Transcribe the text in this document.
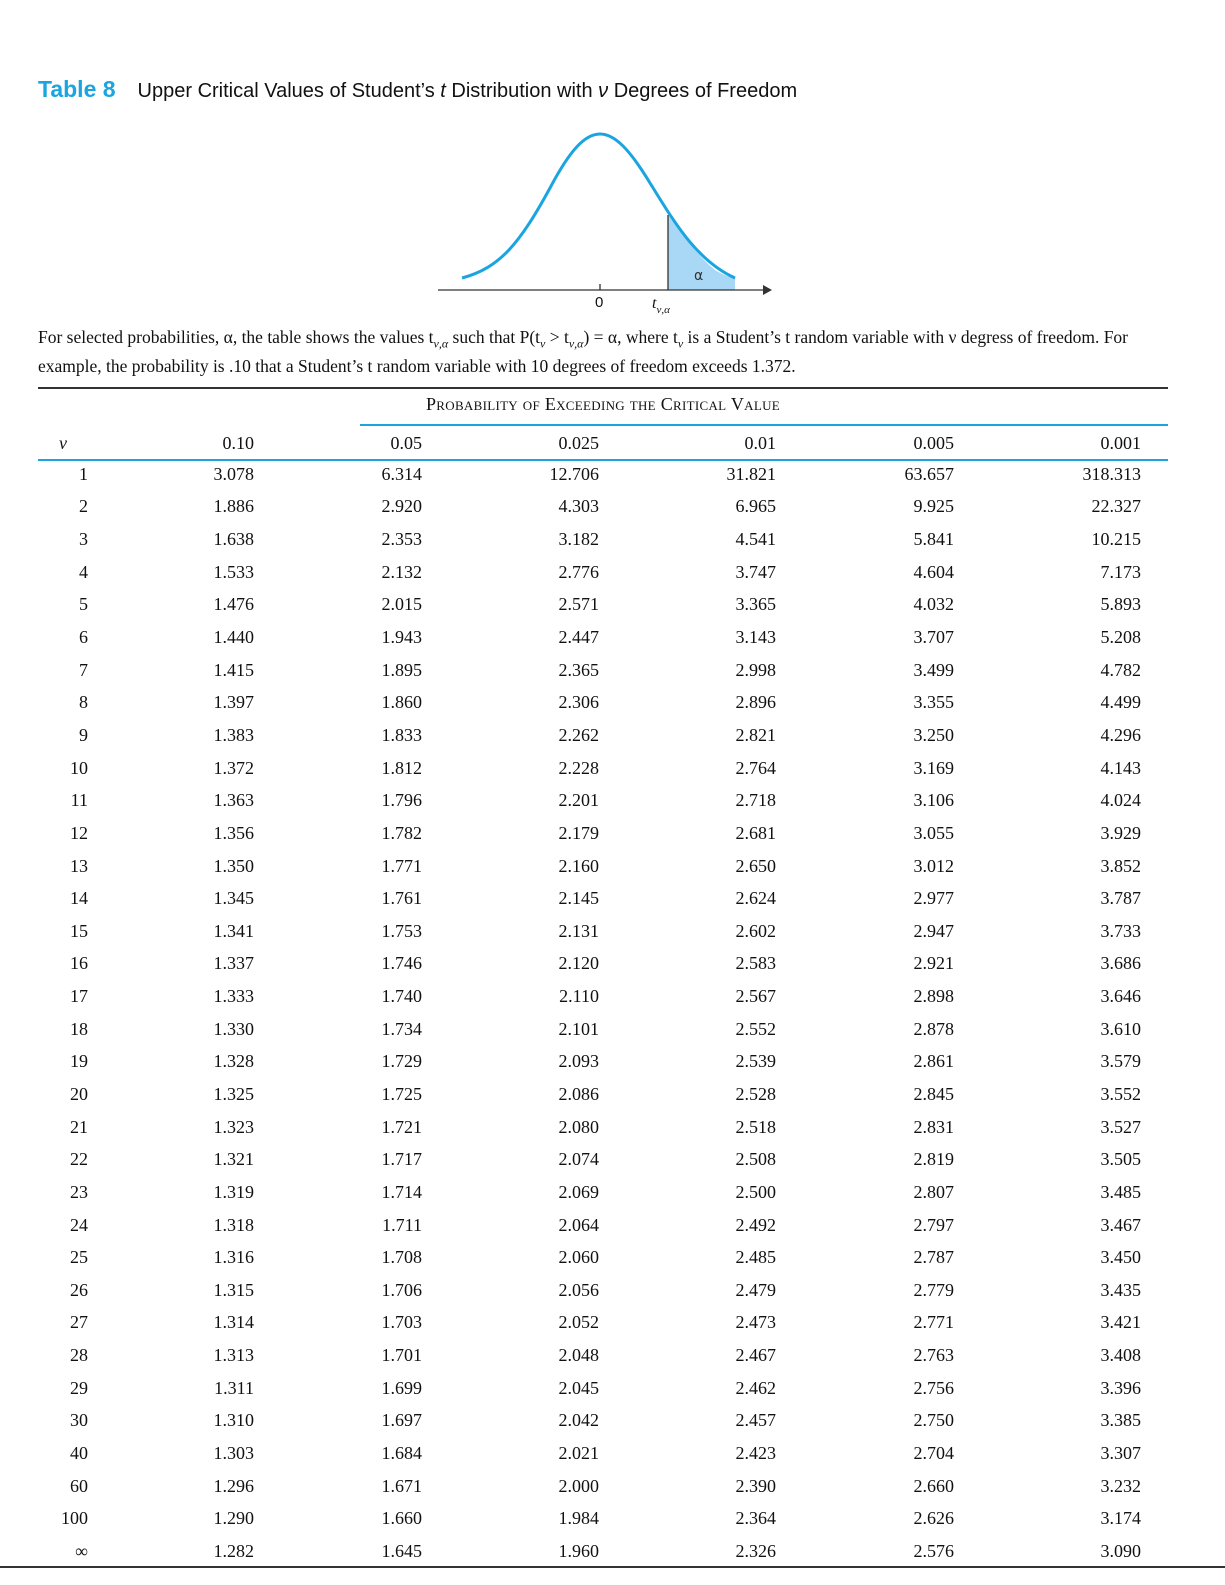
Table 8 Upper Critical Values of Student’s t Distribution with ν Degrees of Freedom
α
0	$t_{\nu,\alpha}$
For selected probabilities, α, the table shows the values $t_{\nu,\alpha}$ such that $P(t_\nu > t_{\nu,\alpha}) = \alpha$, where $t_\nu$ is a Student’s t random variable with ν degress of freedom. For example, the probability is .10 that a Student’s t random variable with 10 degrees of freedom exceeds 1.372.
Probability of Exceeding the Critical Value
ν	0.10	0.05	0.025	0.01	0.005	0.001
1	3.078	6.314	12.706	31.821	63.657	318.313
2	1.886	2.920	4.303	6.965	9.925	22.327
3	1.638	2.353	3.182	4.541	5.841	10.215
4	1.533	2.132	2.776	3.747	4.604	7.173
5	1.476	2.015	2.571	3.365	4.032	5.893
6	1.440	1.943	2.447	3.143	3.707	5.208
7	1.415	1.895	2.365	2.998	3.499	4.782
8	1.397	1.860	2.306	2.896	3.355	4.499
9	1.383	1.833	2.262	2.821	3.250	4.296
10	1.372	1.812	2.228	2.764	3.169	4.143
11	1.363	1.796	2.201	2.718	3.106	4.024
12	1.356	1.782	2.179	2.681	3.055	3.929
13	1.350	1.771	2.160	2.650	3.012	3.852
14	1.345	1.761	2.145	2.624	2.977	3.787
15	1.341	1.753	2.131	2.602	2.947	3.733
16	1.337	1.746	2.120	2.583	2.921	3.686
17	1.333	1.740	2.110	2.567	2.898	3.646
18	1.330	1.734	2.101	2.552	2.878	3.610
19	1.328	1.729	2.093	2.539	2.861	3.579
20	1.325	1.725	2.086	2.528	2.845	3.552
21	1.323	1.721	2.080	2.518	2.831	3.527
22	1.321	1.717	2.074	2.508	2.819	3.505
23	1.319	1.714	2.069	2.500	2.807	3.485
24	1.318	1.711	2.064	2.492	2.797	3.467
25	1.316	1.708	2.060	2.485	2.787	3.450
26	1.315	1.706	2.056	2.479	2.779	3.435
27	1.314	1.703	2.052	2.473	2.771	3.421
28	1.313	1.701	2.048	2.467	2.763	3.408
29	1.311	1.699	2.045	2.462	2.756	3.396
30	1.310	1.697	2.042	2.457	2.750	3.385
40	1.303	1.684	2.021	2.423	2.704	3.307
60	1.296	1.671	2.000	2.390	2.660	3.232
100	1.290	1.660	1.984	2.364	2.626	3.174
∞	1.282	1.645	1.960	2.326	2.576	3.090
